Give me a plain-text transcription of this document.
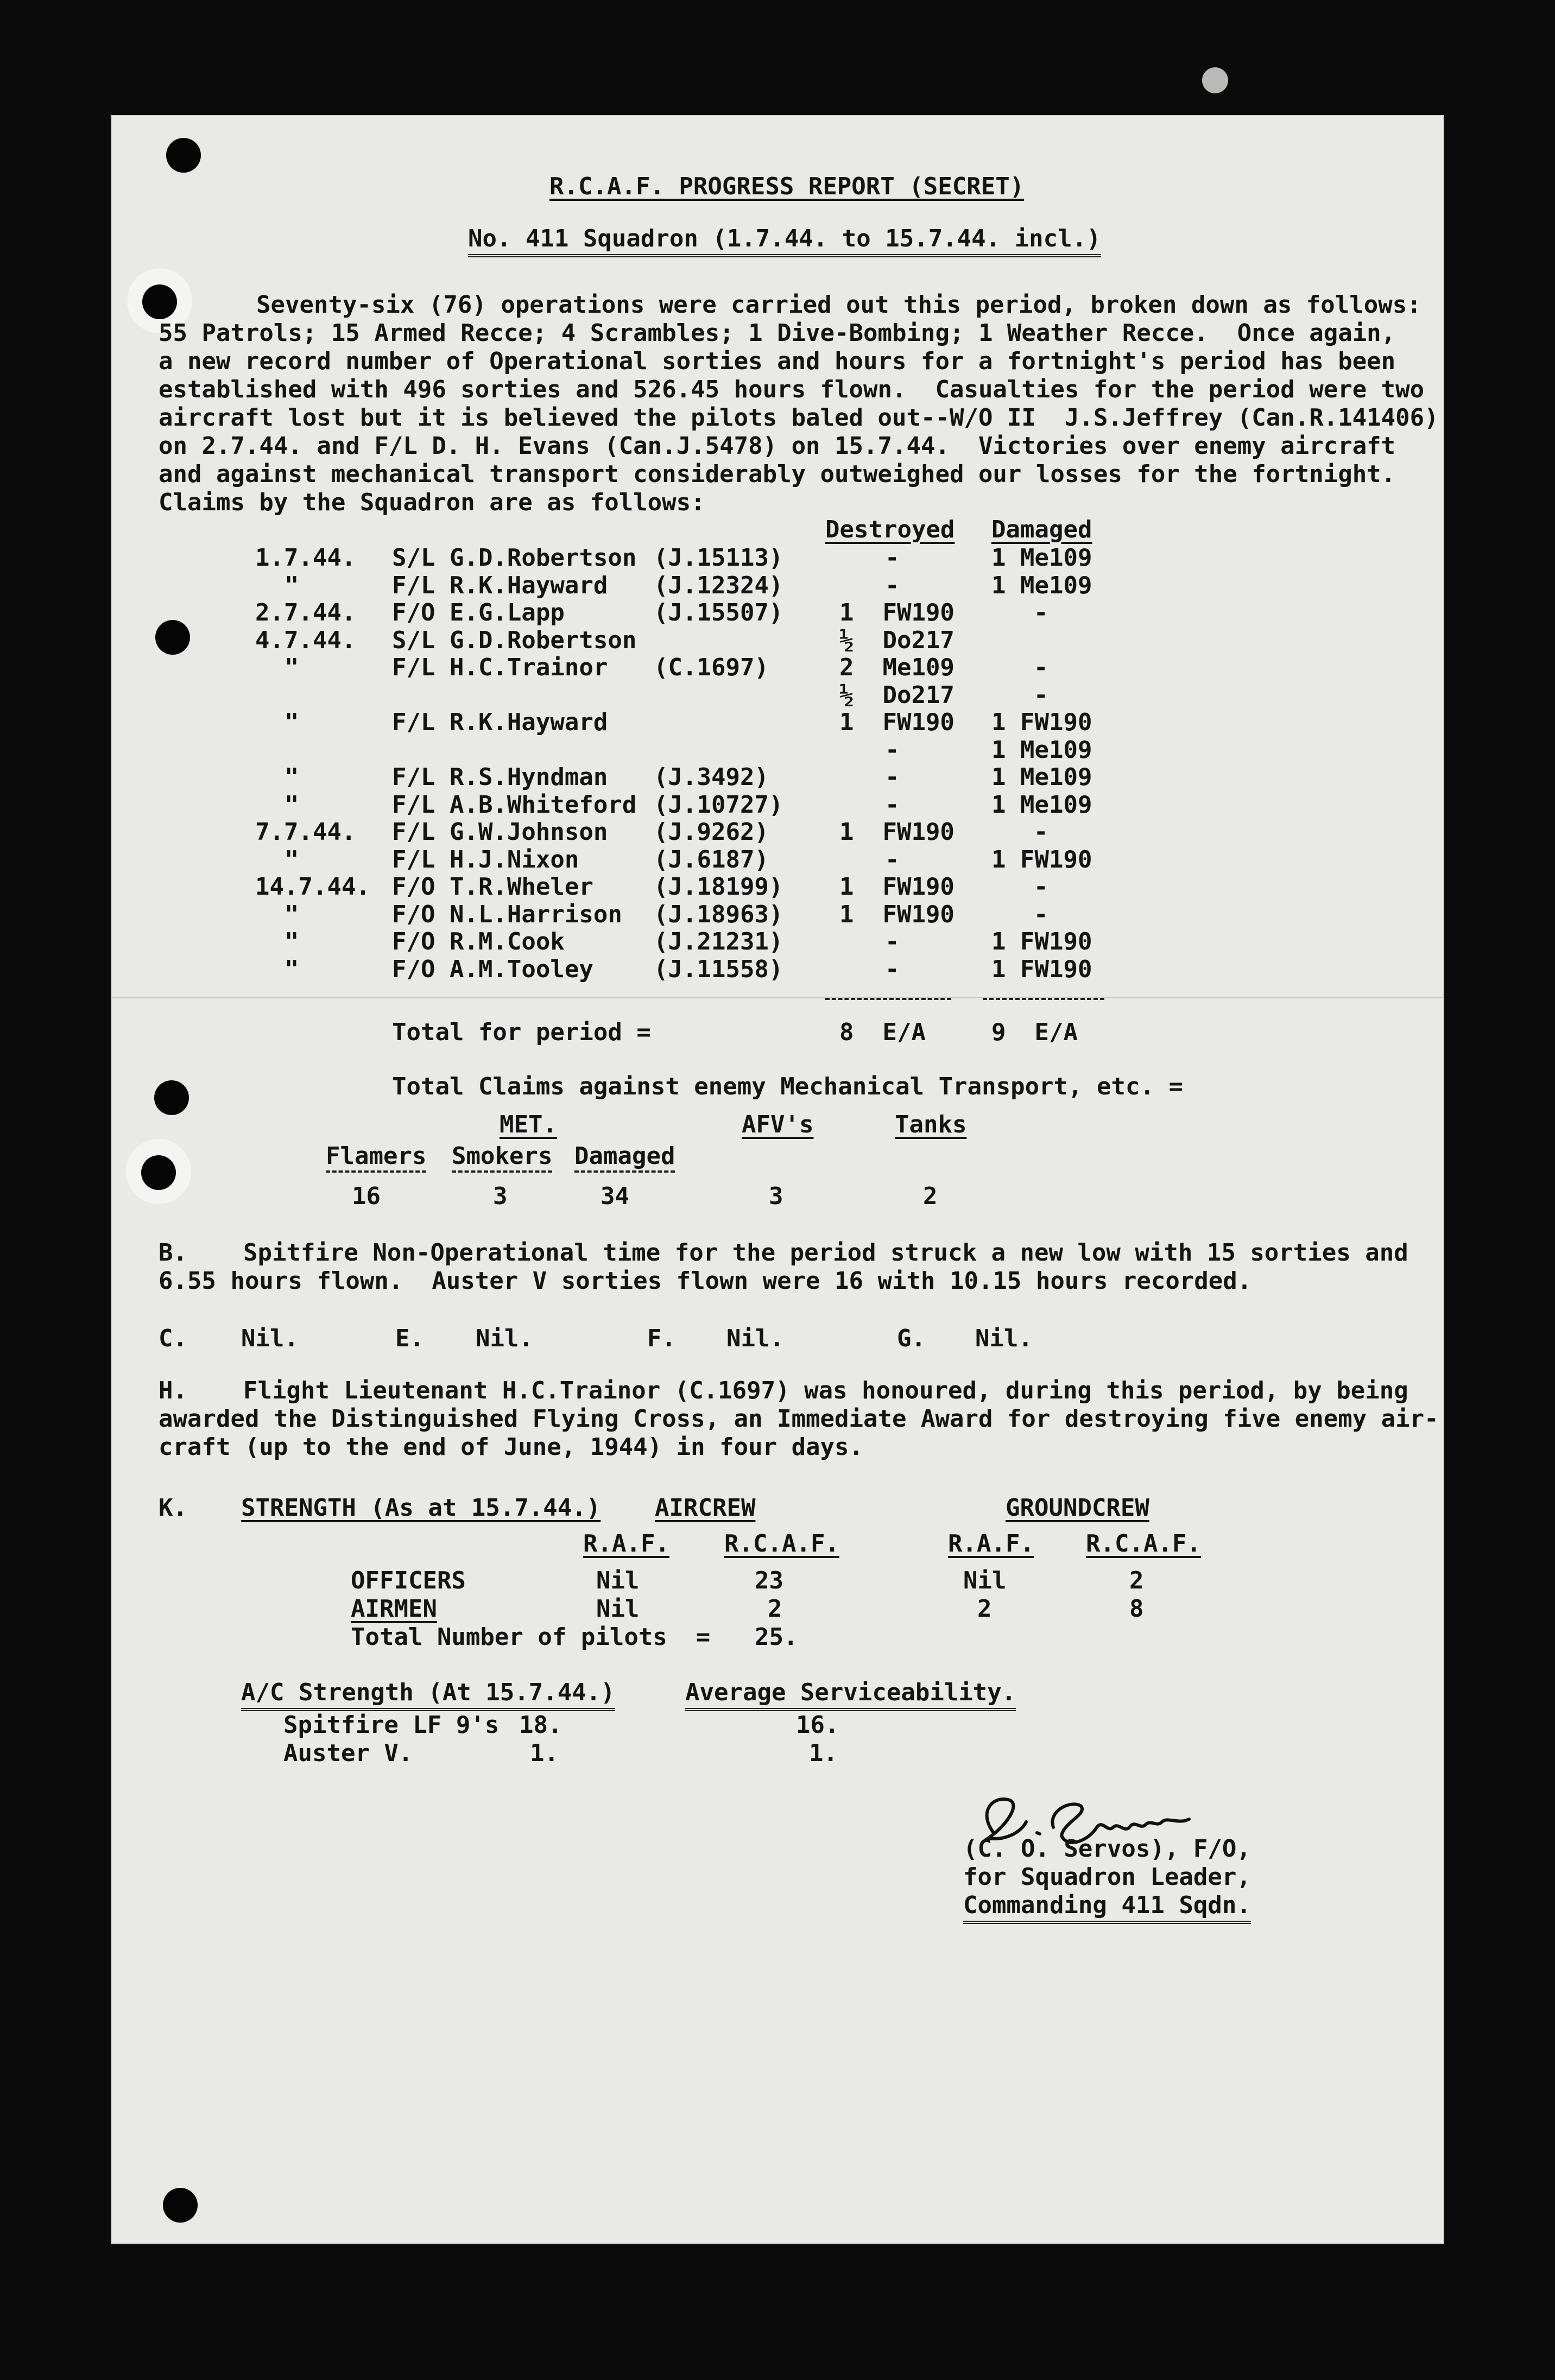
R.C.A.F. PROGRESS REPORT (SECRET)
No. 411 Squadron (1.7.44. to 15.7.44. incl.)
Seventy-six (76) operations were carried out this period, broken down as follows:
55 Patrols; 15 Armed Recce; 4 Scrambles; 1 Dive-Bombing; 1 Weather Recce.  Once again,
a new record number of Operational sorties and hours for a fortnight's period has been
established with 496 sorties and 526.45 hours flown.  Casualties for the period were two
aircraft lost but it is believed the pilots baled out--W/O II  J.S.Jeffrey (Can.R.141406)
on 2.7.44. and F/L D. H. Evans (Can.J.5478) on 15.7.44.  Victories over enemy aircraft
and against mechanical transport considerably outweighed our losses for the fortnight.
Claims by the Squadron are as follows:
Destroyed Damaged
1.7.44. S/L G.D.Robertson (J.15113)	-	1 Me109
"	F/L R.K.Hayward (J.12324)	-	1 Me109
2.7.44. F/O E.G.Lapp	(J.15507) 1  FW190	-
4.7.44. S/L G.D.Robertson	½  Do217
"	F/L H.C.Trainor (C.1697)	2  Me109	-
½  Do217	-
"	F/L R.K.Hayward	1  FW190 1 FW190
-	1 Me109
"	F/L R.S.Hyndman (J.3492)	-	1 Me109
"	F/L A.B.Whiteford (J.10727)	-	1 Me109
7.7.44. F/L G.W.Johnson (J.9262)	1  FW190	-
"	F/L H.J.Nixon	(J.6187)	-	1 FW190
14.7.44. F/O T.R.Wheler	(J.18199) 1  FW190	-
"	F/O N.L.Harrison (J.18963) 1  FW190	-
"	F/O R.M.Cook	(J.21231)	-	1 FW190
"	F/O A.M.Tooley	(J.11558)	-	1 FW190
Total for period =	8  E/A	9  E/A
Total Claims against enemy Mechanical Transport, etc. =
MET.	AFV's	Tanks
Flamers Smokers Damaged
16	3	34	3	2
B. Spitfire Non-Operational time for the period struck a new low with 15 sorties and
6.55 hours flown.  Auster V sorties flown were 16 with 10.15 hours recorded.
C. Nil.	E. Nil.	F. Nil.	G. Nil.
H. Flight Lieutenant H.C.Trainor (C.1697) was honoured, during this period, by being
awarded the Distinguished Flying Cross, an Immediate Award for destroying five enemy air-
craft (up to the end of June, 1944) in four days.
K. STRENGTH (As at 15.7.44.) AIRCREW	GROUNDCREW
R.A.F. R.C.A.F.	R.A.F. R.C.A.F.
OFFICERS	Nil	23	Nil	2
AIRMEN	Nil	2	2	8
Total Number of pilots  = 25.
A/C Strength (At 15.7.44.)	Average Serviceability.
Spitfire LF 9's 18.	16.
Auster V.	1.	1.
(C. O. Servos), F/O,
for Squadron Leader,
Commanding 411 Sqdn.
